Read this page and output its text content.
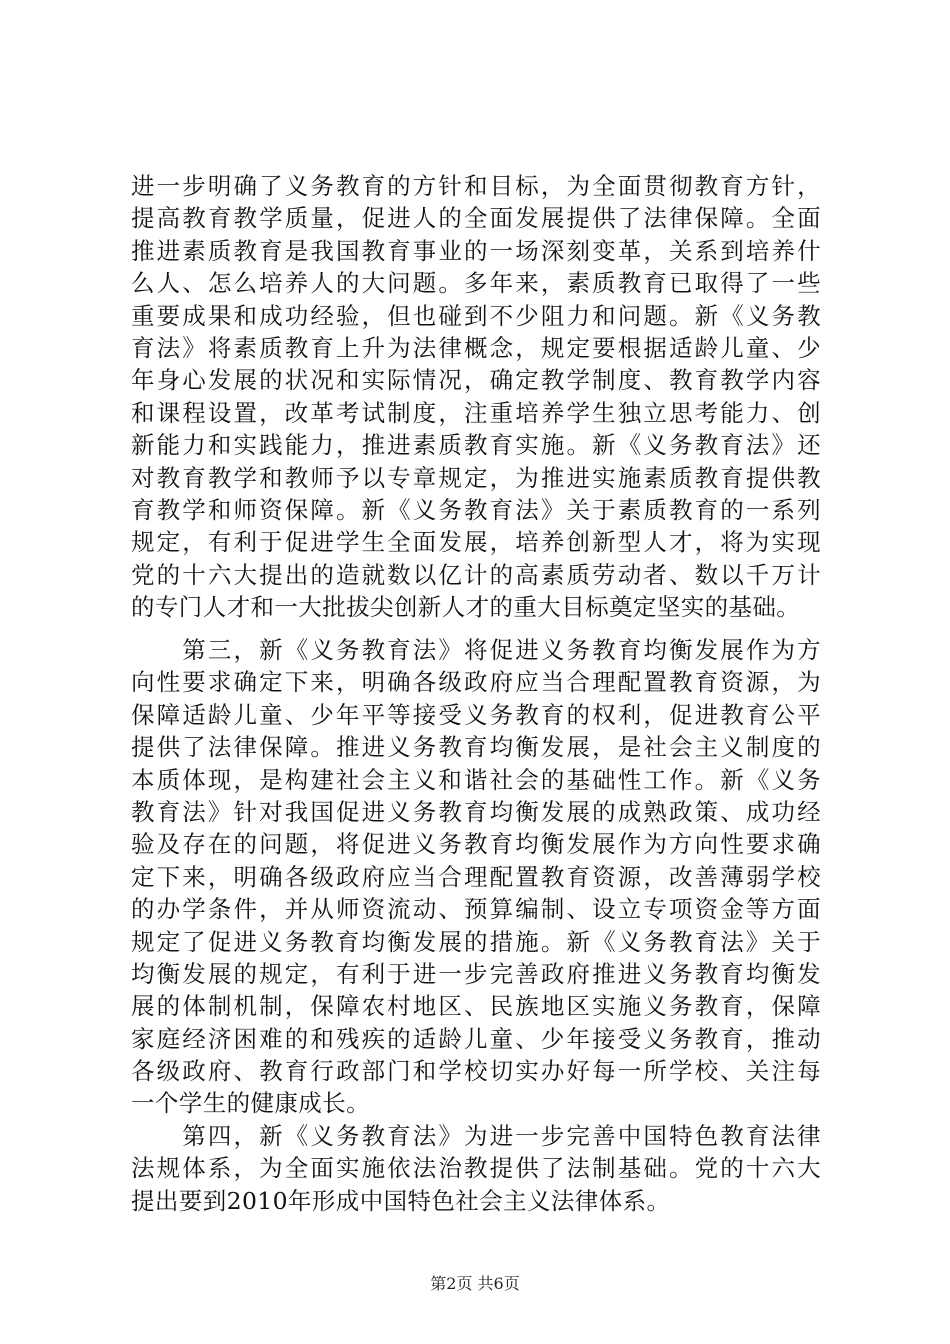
进一步明确了义务教育的方针和目标，为全面贯彻教育方针，
提高教育教学质量，促进人的全面发展提供了法律保障。全面
推进素质教育是我国教育事业的一场深刻变革，关系到培养什
么人、怎么培养人的大问题。多年来，素质教育已取得了一些
重要成果和成功经验，但也碰到不少阻力和问题。新《义务教
育法》将素质教育上升为法律概念，规定要根据适龄儿童、少
年身心发展的状况和实际情况，确定教学制度、教育教学内容
和课程设置，改革考试制度，注重培养学生独立思考能力、创
新能力和实践能力，推进素质教育实施。新《义务教育法》还
对教育教学和教师予以专章规定，为推进实施素质教育提供教
育教学和师资保障。新《义务教育法》关于素质教育的一系列
规定，有利于促进学生全面发展，培养创新型人才，将为实现
党的十六大提出的造就数以亿计的高素质劳动者、数以千万计
的专门人才和一大批拔尖创新人才的重大目标奠定坚实的基础。
　　第三，新《义务教育法》将促进义务教育均衡发展作为方
向性要求确定下来，明确各级政府应当合理配置教育资源，为
保障适龄儿童、少年平等接受义务教育的权利，促进教育公平
提供了法律保障。推进义务教育均衡发展，是社会主义制度的
本质体现，是构建社会主义和谐社会的基础性工作。新《义务
教育法》针对我国促进义务教育均衡发展的成熟政策、成功经
验及存在的问题，将促进义务教育均衡发展作为方向性要求确
定下来，明确各级政府应当合理配置教育资源，改善薄弱学校
的办学条件，并从师资流动、预算编制、设立专项资金等方面
规定了促进义务教育均衡发展的措施。新《义务教育法》关于
均衡发展的规定，有利于进一步完善政府推进义务教育均衡发
展的体制机制，保障农村地区、民族地区实施义务教育，保障
家庭经济困难的和残疾的适龄儿童、少年接受义务教育，推动
各级政府、教育行政部门和学校切实办好每一所学校、关注每
一个学生的健康成长。
　　第四，新《义务教育法》为进一步完善中国特色教育法律
法规体系，为全面实施依法治教提供了法制基础。党的十六大
提出要到2010年形成中国特色社会主义法律体系。
第2页 共6页
